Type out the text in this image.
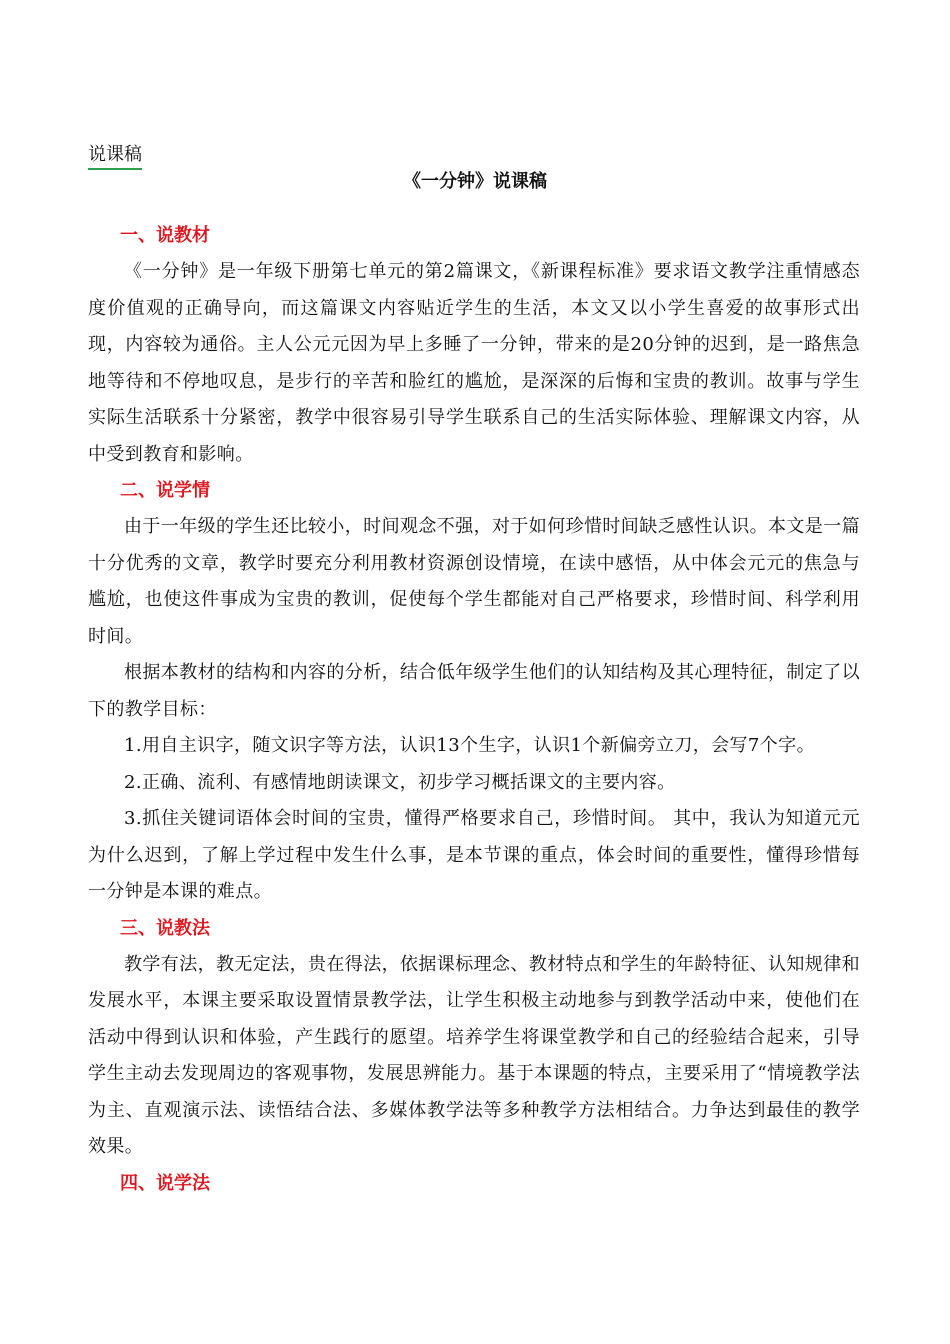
说课稿
《一分钟》说课稿

一、说教材

《一分钟》是一年级下册第七单元的第2篇课文，《新课程标准》要求语文教学注重情感态度价值观的正确导向，而这篇课文内容贴近学生的生活，本文又以小学生喜爱的故事形式出现，内容较为通俗。主人公元元因为早上多睡了一分钟，带来的是20分钟的迟到，是一路焦急地等待和不停地叹息，是步行的辛苦和脸红的尴尬，是深深的后悔和宝贵的教训。故事与学生实际生活联系十分紧密，教学中很容易引导学生联系自己的生活实际体验、理解课文内容，从中受到教育和影响。

二、说学情

由于一年级的学生还比较小，时间观念不强，对于如何珍惜时间缺乏感性认识。本文是一篇十分优秀的文章，教学时要充分利用教材资源创设情境，在读中感悟，从中体会元元的焦急与尴尬，也使这件事成为宝贵的教训，促使每个学生都能对自己严格要求，珍惜时间、科学利用时间。

根据本教材的结构和内容的分析，结合低年级学生他们的认知结构及其心理特征，制定了以下的教学目标：

1.用自主识字，随文识字等方法，认识13个生字，认识1个新偏旁立刀，会写7个字。

2.正确、流利、有感情地朗读课文，初步学习概括课文的主要内容。

3.抓住关键词语体会时间的宝贵，懂得严格要求自己，珍惜时间。 其中，我认为知道元元为什么迟到，了解上学过程中发生什么事，是本节课的重点，体会时间的重要性，懂得珍惜每一分钟是本课的难点。

三、说教法

教学有法，教无定法，贵在得法，依据课标理念、教材特点和学生的年龄特征、认知规律和发展水平，本课主要采取设置情景教学法，让学生积极主动地参与到教学活动中来，使他们在活动中得到认识和体验，产生践行的愿望。培养学生将课堂教学和自己的经验结合起来，引导学生主动去发现周边的客观事物，发展思辨能力。基于本课题的特点，主要采用了“情境教学法为主、直观演示法、读悟结合法、多媒体教学法等多种教学方法相结合。力争达到最佳的教学效果。

四、说学法
